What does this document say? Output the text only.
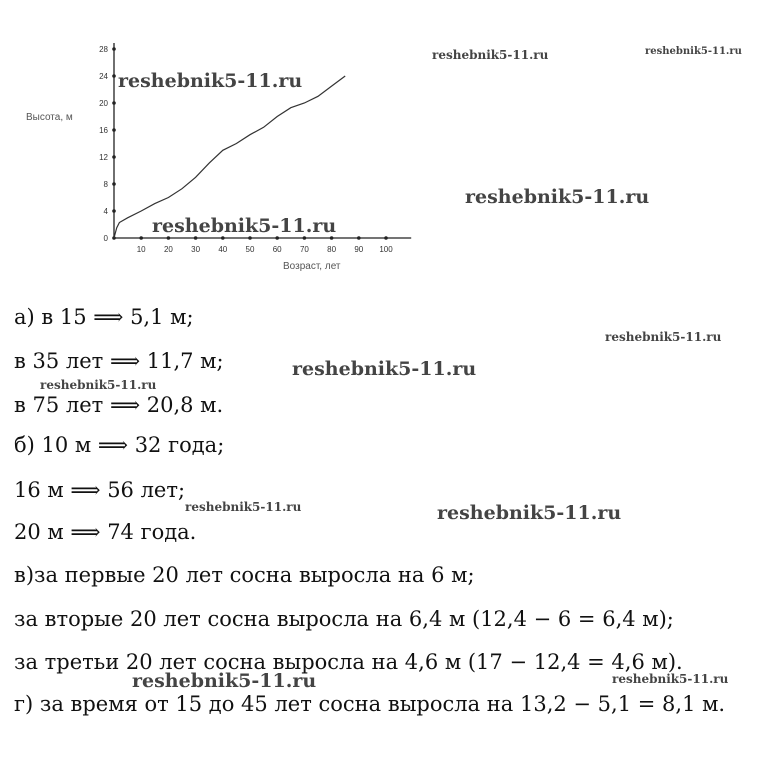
0
4
8
12
16
20
24
28
10 20 30 40 50 60 70 80 90 100
Высота, м
Возраст, лет
а) в 15 ⟹ 5,1 м;
в 35 лет ⟹ 11,7 м;
в 75 лет ⟹ 20,8 м.
б) 10 м ⟹ 32 года;
16 м ⟹ 56 лет;
20 м ⟹ 74 года.
в)за первые 20 лет сосна выросла на 6 м;
за вторые 20 лет сосна выросла на 6,4 м (12,4 − 6 = 6,4 м);
за третьи 20 лет сосна выросла на 4,6 м (17 − 12,4 = 4,6 м).
г) за время от 15 до 45 лет сосна выросла на 13,2 − 5,1 = 8,1 м.
reshebnik5-11.ru
reshebnik5-11.ru	reshebnik5-11.ru
reshebnik5-11.ru
reshebnik5-11.ru
reshebnik5-11.ru
reshebnik5-11.ru
reshebnik5-11.ru
reshebnik5-11.ru	reshebnik5-11.ru
reshebnik5-11.ru	reshebnik5-11.ru
